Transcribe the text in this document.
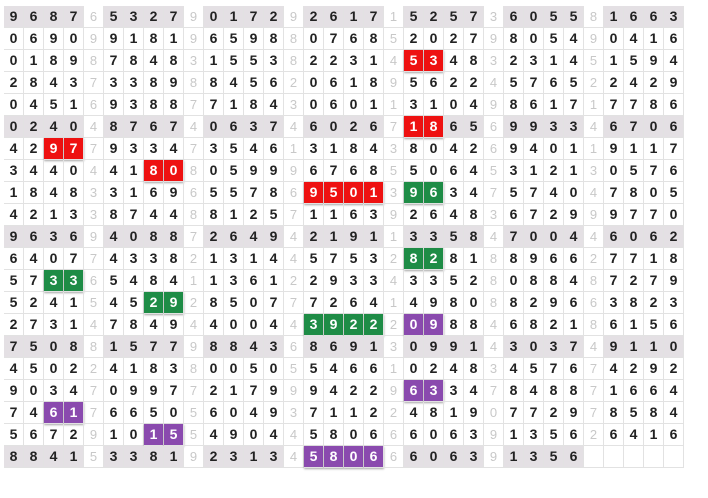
9 6 8 7 6 5 3 2 7 9 0 1 7 2 9 2 6 1 7 1 5 2 5 7 3 6 0 5 5 8 1 6 6 3
0 6 9 0 9 9 1 8 1 9 6 5 9 8 8 0 7 6 8 5 2 0 2 7 9 8 0 5 4 9 0 4 1 6
0 1 8 9 8 7 8 4 8 3 1 5 5 3 8 2 2 3 1 4 5 3 4 8 3 2 3 1 4 5 1 5 9 4
2 8 4 3 7 3 3 8 9 8 8 4 5 6 2 0 6 1 8 9 5 6 2 2 4 5 7 6 5 2 2 4 2 9
0 4 5 1 6 9 3 8 8 7 7 1 8 4 3 0 6 0 1 1 3 1 0 4 9 8 6 1 7 1 7 7 8 6
0 2 4 0 4 8 7 6 7 4 0 6 3 7 4 6 0 2 6 7 1 8 6 5 6 9 9 3 3 4 6 7 0 6
4 2 9 7 7 9 3 3 4 7 3 5 4 6 1 3 1 8 4 3 8 0 4 2 6 9 4 0 1 1 9 1 1 7
3 4 4 0 4 4 1 8 0 8 0 5 9 9 9 6 7 6 8 5 5 0 6 4 5 3 1 2 1 3 0 5 7 6
1 8 4 8 3 3 1 6 9 6 5 5 7 8 6 9 5 0 1 3 9 6 3 4 7 5 7 4 0 4 7 8 0 5
4 2 1 3 3 8 7 4 4 8 8 1 2 5 7 1 1 6 3 9 2 6 4 8 3 6 7 2 9 9 9 7 7 0
9 6 3 6 9 4 0 8 8 7 2 6 4 9 4 2 1 9 1 1 3 3 5 8 4 7 0 0 4 4 6 0 6 2
6 4 0 7 7 4 3 3 8 2 1 3 1 4 4 5 7 5 3 2 8 2 8 1 8 8 9 6 6 2 7 7 1 8
5 7 3 3 6 5 4 8 4 1 1 3 6 1 2 2 9 3 3 4 3 3 5 2 8 0 8 8 4 8 7 2 7 9
5 2 4 1 5 4 5 2 9 2 8 5 0 7 7 7 2 6 4 1 4 9 8 0 8 8 2 9 6 6 3 8 2 3
2 7 3 1 4 7 8 4 9 4 4 0 0 4 4 3 9 2 2 2 0 9 8 8 4 6 8 2 1 8 6 1 5 6
7 5 0 8 8 1 5 7 7 9 8 8 4 3 6 8 6 9 1 3 0 9 9 1 4 3 0 3 7 4 9 1 1 0
4 5 0 2 2 4 1 8 3 8 0 0 5 0 5 5 4 6 6 1 0 2 4 8 3 4 5 7 6 7 4 2 9 2
9 0 3 4 7 0 9 9 7 7 2 1 7 9 9 9 4 2 2 9 6 3 3 4 7 8 4 8 8 7 1 6 6 4
7 4 6 1 7 6 6 5 0 5 6 0 4 9 3 7 1 1 2 2 4 8 1 9 0 7 7 2 9 7 8 5 8 4
5 6 7 2 9 1 0 1 5 5 4 9 0 4 4 5 8 0 6 6 6 0 6 3 9 1 3 5 6 2 6 4 1 6
8 8 4 1 5 3 3 8 1 9 2 3 1 3 4 5 8 0 6 6 6 0 6 3 9 1 3 5 6
